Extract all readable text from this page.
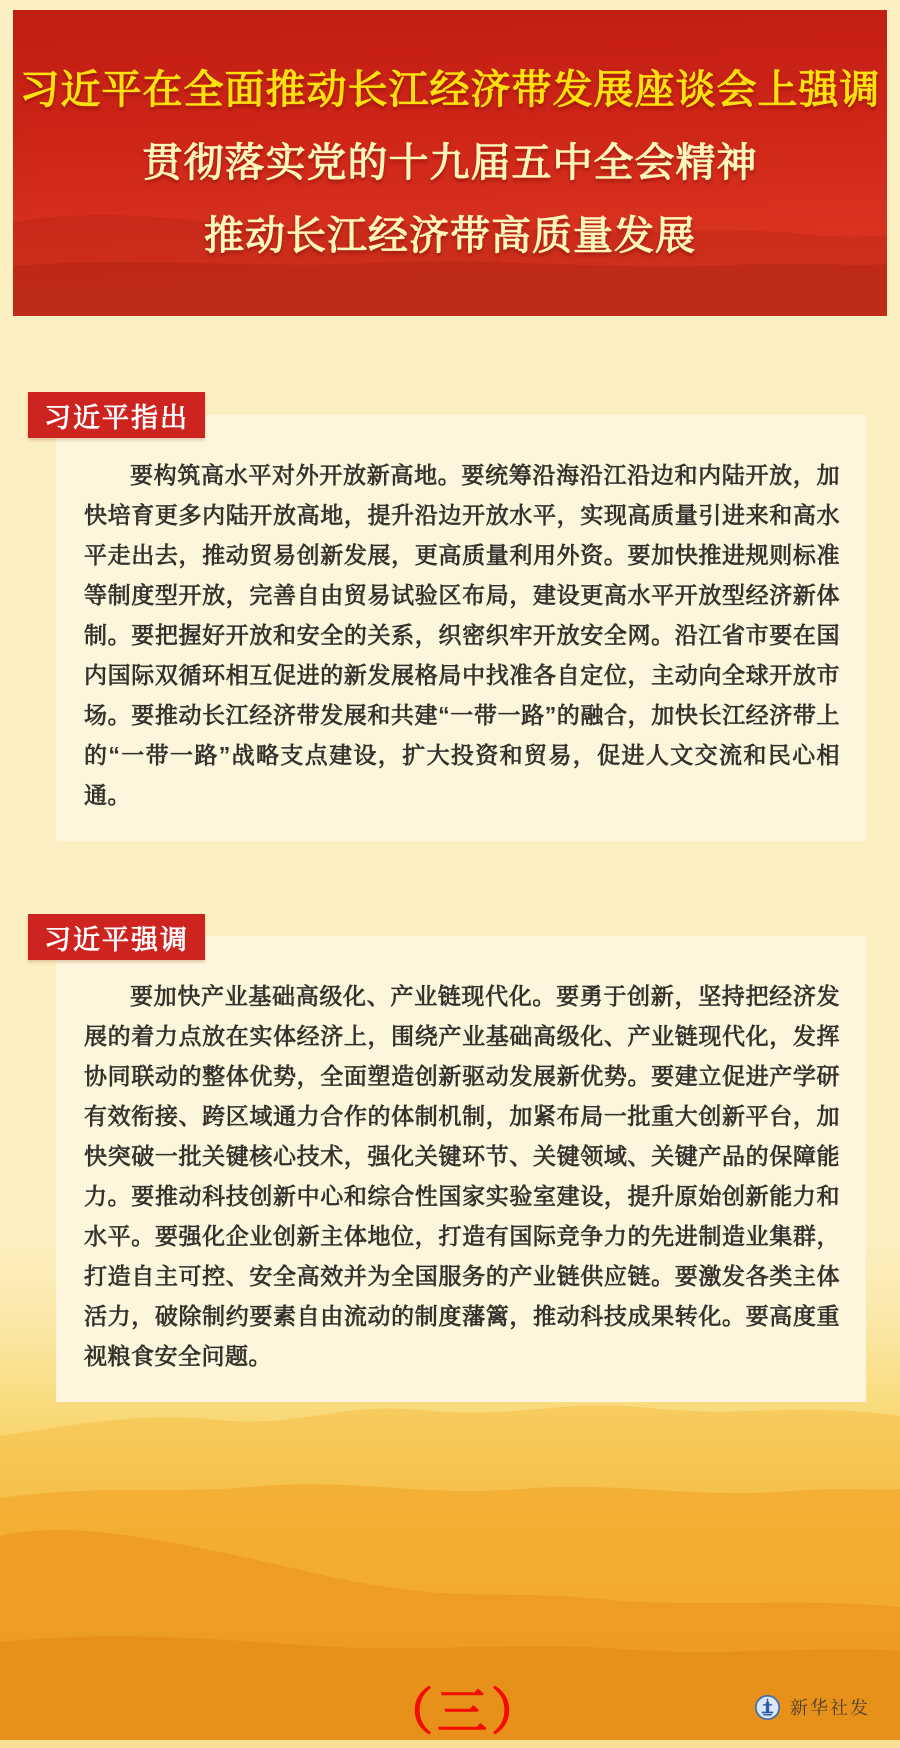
习近平在全面推动长江经济带发展座谈会上强调
贯彻落实党的十九届五中全会精神
推动长江经济带高质量发展
习近平指出

要构筑高水平对外开放新高地。要统筹沿海沿江沿边和内陆开放，加快培育更多内陆开放高地，提升沿边开放水平，实现高质量引进来和高水平走出去，推动贸易创新发展，更高质量利用外资。要加快推进规则标准等制度型开放，完善自由贸易试验区布局，建设更高水平开放型经济新体制。要把握好开放和安全的关系，织密织牢开放安全网。沿江省市要在国内国际双循环相互促进的新发展格局中找准各自定位，主动向全球开放市场。要推动长江经济带发展和共建“一带一路”的融合，加快长江经济带上的“一带一路”战略支点建设，扩大投资和贸易，促进人文交流和民心相通。

习近平强调

要加快产业基础高级化、产业链现代化。要勇于创新，坚持把经济发展的着力点放在实体经济上，围绕产业基础高级化、产业链现代化，发挥协同联动的整体优势，全面塑造创新驱动发展新优势。要建立促进产学研有效衔接、跨区域通力合作的体制机制，加紧布局一批重大创新平台，加快突破一批关键核心技术，强化关键环节、关键领域、关键产品的保障能力。要推动科技创新中心和综合性国家实验室建设，提升原始创新能力和水平。要强化企业创新主体地位，打造有国际竞争力的先进制造业集群，打造自主可控、安全高效并为全国服务的产业链供应链。要激发各类主体活力，破除制约要素自由流动的制度藩篱，推动科技成果转化。要高度重视粮食安全问题。

（三）	新华社发
